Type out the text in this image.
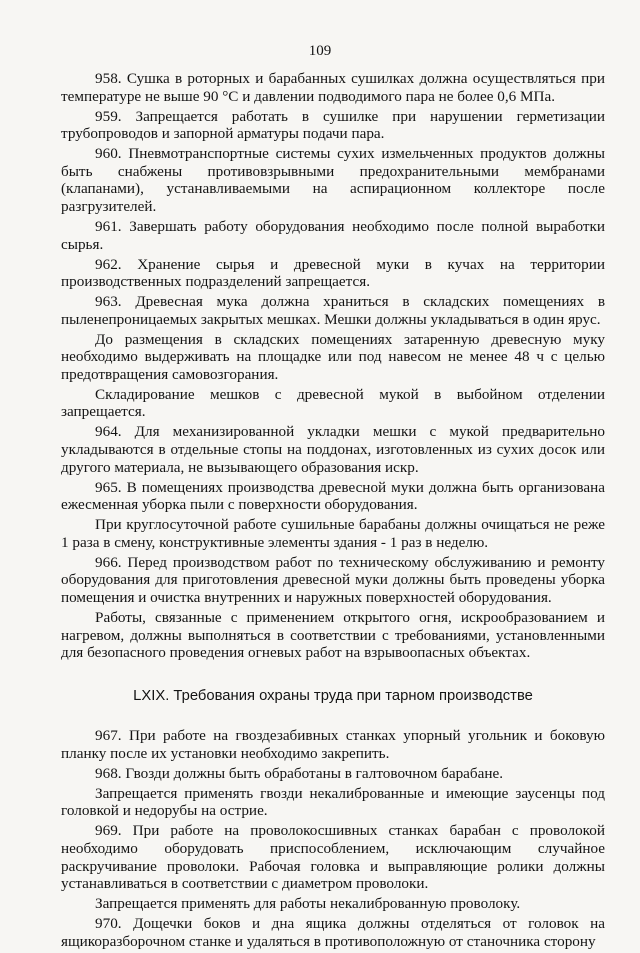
109

958. Сушка в роторных и барабанных сушилках должна осуществляться при температуре не выше 90 °С и давлении подводимого пара не более 0,6 МПа.

959. Запрещается работать в сушилке при нарушении герметизации трубопроводов и запорной арматуры подачи пара.

960. Пневмотранспортные системы сухих измельченных продуктов должны быть снабжены противовзрывными предохранительными мембранами (клапанами), устанавливаемыми на аспирационном коллекторе после разгрузителей.

961. Завершать работу оборудования необходимо после полной выработки сырья.

962. Хранение сырья и древесной муки в кучах на территории производственных подразделений запрещается.

963. Древесная мука должна храниться в складских помещениях в пыленепроницаемых закрытых мешках. Мешки должны укладываться в один ярус.

До размещения в складских помещениях затаренную древесную муку необходимо выдерживать на площадке или под навесом не менее 48 ч с целью предотвращения самовозгорания.

Складирование мешков с древесной мукой в выбойном отделении запрещается.

964. Для механизированной укладки мешки с мукой предварительно укладываются в отдельные стопы на поддонах, изготовленных из сухих досок или другого материала, не вызывающего образования искр.

965. В помещениях производства древесной муки должна быть организована ежесменная уборка пыли с поверхности оборудования.

При круглосуточной работе сушильные барабаны должны очищаться не реже 1 раза в смену, конструктивные элементы здания - 1 раз в неделю.

966. Перед производством работ по техническому обслуживанию и ремонту оборудования для приготовления древесной муки должны быть проведены уборка помещения и очистка внутренних и наружных поверхностей оборудования.

Работы, связанные с применением открытого огня, искрообразованием и нагревом, должны выполняться в соответствии с требованиями, установленными для безопасного проведения огневых работ на взрывоопасных объектах.

LXIX. Требования охраны труда при тарном производстве

967. При работе на гвоздезабивных станках упорный угольник и боковую планку после их установки необходимо закрепить.

968. Гвозди должны быть обработаны в галтовочном барабане.

Запрещается применять гвозди некалиброванные и имеющие заусенцы под головкой и недорубы на острие.

969. При работе на проволокосшивных станках барабан с проволокой необходимо оборудовать приспособлением, исключающим случайное раскручивание проволоки. Рабочая головка и выправляющие ролики должны устанавливаться в соответствии с диаметром проволоки.

Запрещается применять для работы некалиброванную проволоку.

970. Дощечки боков и дна ящика должны отделяться от головок на ящикоразборочном станке и удаляться в противоположную от станочника сторону
